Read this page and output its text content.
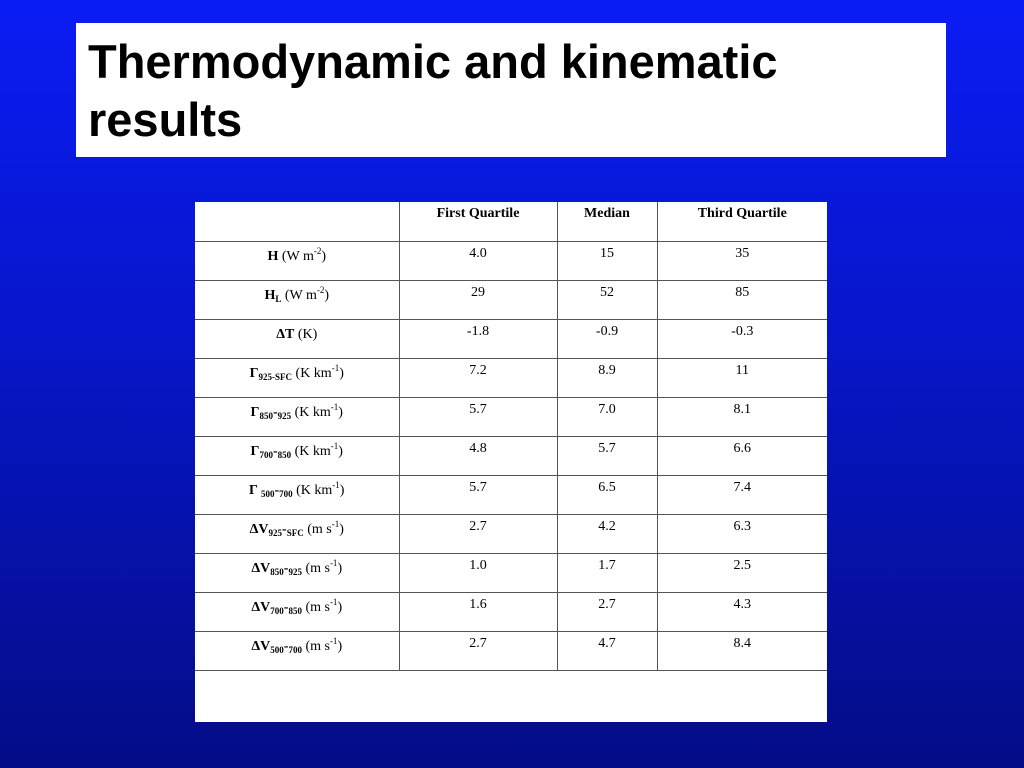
Thermodynamic and kinematic
results

	First Quartile	Median	Third Quartile
H (W $m^{-2}$)	4.0	15	35
$H_L$ (W $m^{-2}$)	29	52	85
ΔT (K)	-1.8	-0.9	-0.3
$\Gamma_{925-SFC}$ (K $km^{-1}$)	7.2	8.9	11
$\Gamma_{850}-_{925}$ (K $km^{-1}$)	5.7	7.0	8.1
$\Gamma_{700}-_{850}$ (K $km^{-1}$)	4.8	5.7	6.6
Γ $_{500}-_{700}$ (K $km^{-1}$)	5.7	6.5	7.4
$\Delta V_{925}-_{SFC}$ (m $s^{-1}$)	2.7	4.2	6.3
$\Delta V_{850}-_{925}$ (m $s^{-1}$)	1.0	1.7	2.5
$\Delta V_{700}-_{850}$ (m $s^{-1}$)	1.6	2.7	4.3
$\Delta V_{500}-_{700}$ (m $s^{-1}$)	2.7	4.7	8.4
